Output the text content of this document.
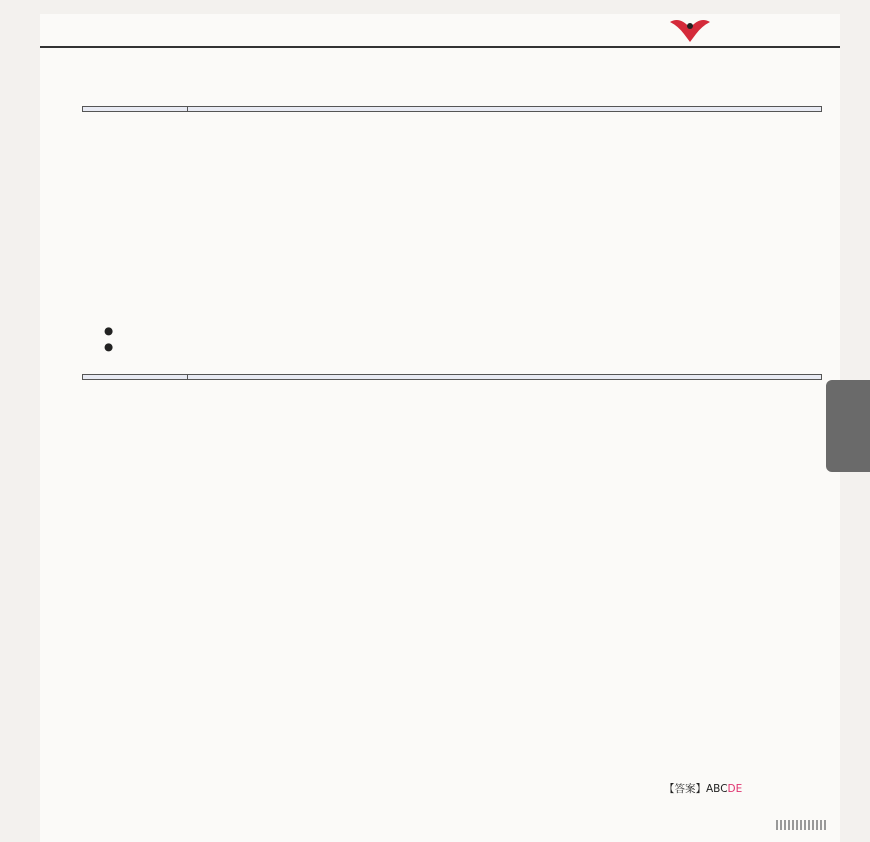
●
●

【答案】ABCDE
